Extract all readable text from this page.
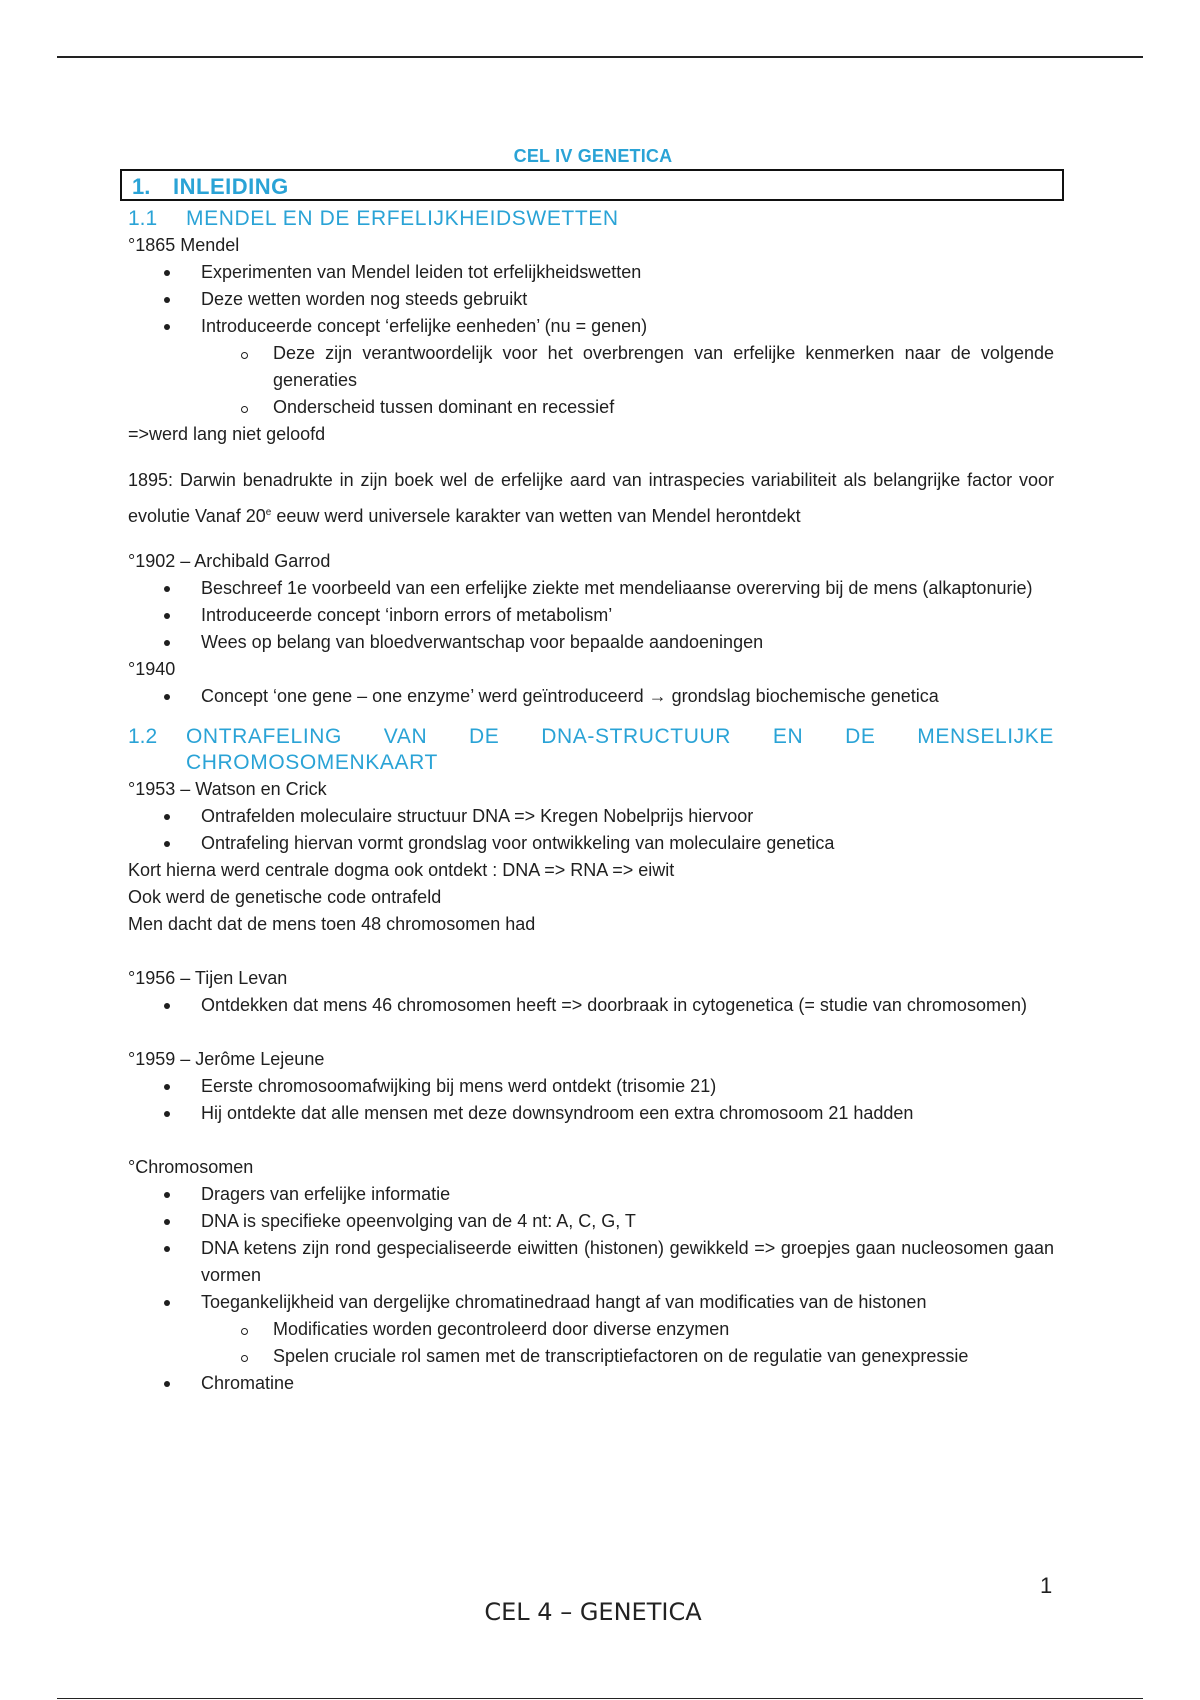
CEL IV GENETICA
1. INLEIDING
1.1 MENDEL EN DE ERFELIJKHEIDSWETTEN
°1865 Mendel
Experimenten van Mendel leiden tot erfelijkheidswetten
Deze wetten worden nog steeds gebruikt
Introduceerde concept ‘erfelijke eenheden’ (nu = genen)
Deze zijn verantwoordelijk voor het overbrengen van erfelijke kenmerken naar de volgende generaties
Onderscheid tussen dominant en recessief
=>werd lang niet geloofd
1895: Darwin benadrukte in zijn boek wel de erfelijke aard van intraspecies variabiliteit als belangrijke factor voor evolutie Vanaf 20e eeuw werd universele karakter van wetten van Mendel herontdekt
°1902 – Archibald Garrod
Beschreef 1e voorbeeld van een erfelijke ziekte met mendeliaanse overerving bij de mens (alkaptonurie)
Introduceerde concept ‘inborn errors of metabolism’
Wees op belang van bloedverwantschap voor bepaalde aandoeningen
°1940
Concept ‘one gene – one enzyme’ werd geïntroduceerd → grondslag biochemische genetica
1.2 ONTRAFELING VAN DE DNA-STRUCTUUR EN DE MENSELIJKE
CHROMOSOMENKAART
°1953 – Watson en Crick
Ontrafelden moleculaire structuur DNA => Kregen Nobelprijs hiervoor
Ontrafeling hiervan vormt grondslag voor ontwikkeling van moleculaire genetica
Kort hierna werd centrale dogma ook ontdekt : DNA => RNA => eiwit
Ook werd de genetische code ontrafeld
Men dacht dat de mens toen 48 chromosomen had
°1956 – Tijen Levan
Ontdekken dat mens 46 chromosomen heeft => doorbraak in cytogenetica (= studie van chromosomen)
°1959 – Jerôme Lejeune
Eerste chromosoomafwijking bij mens werd ontdekt (trisomie 21)
Hij ontdekte dat alle mensen met deze downsyndroom een extra chromosoom 21 hadden
°Chromosomen
Dragers van erfelijke informatie
DNA is specifieke opeenvolging van de 4 nt: A, C, G, T
DNA ketens zijn rond gespecialiseerde eiwitten (histonen) gewikkeld => groepjes gaan nucleosomen gaan vormen
Toegankelijkheid van dergelijke chromatinedraad hangt af van modificaties van de histonen
Modificaties worden gecontroleerd door diverse enzymen
Spelen cruciale rol samen met de transcriptiefactoren on de regulatie van genexpressie
Chromatine
1
CEL 4 – GENETICA
